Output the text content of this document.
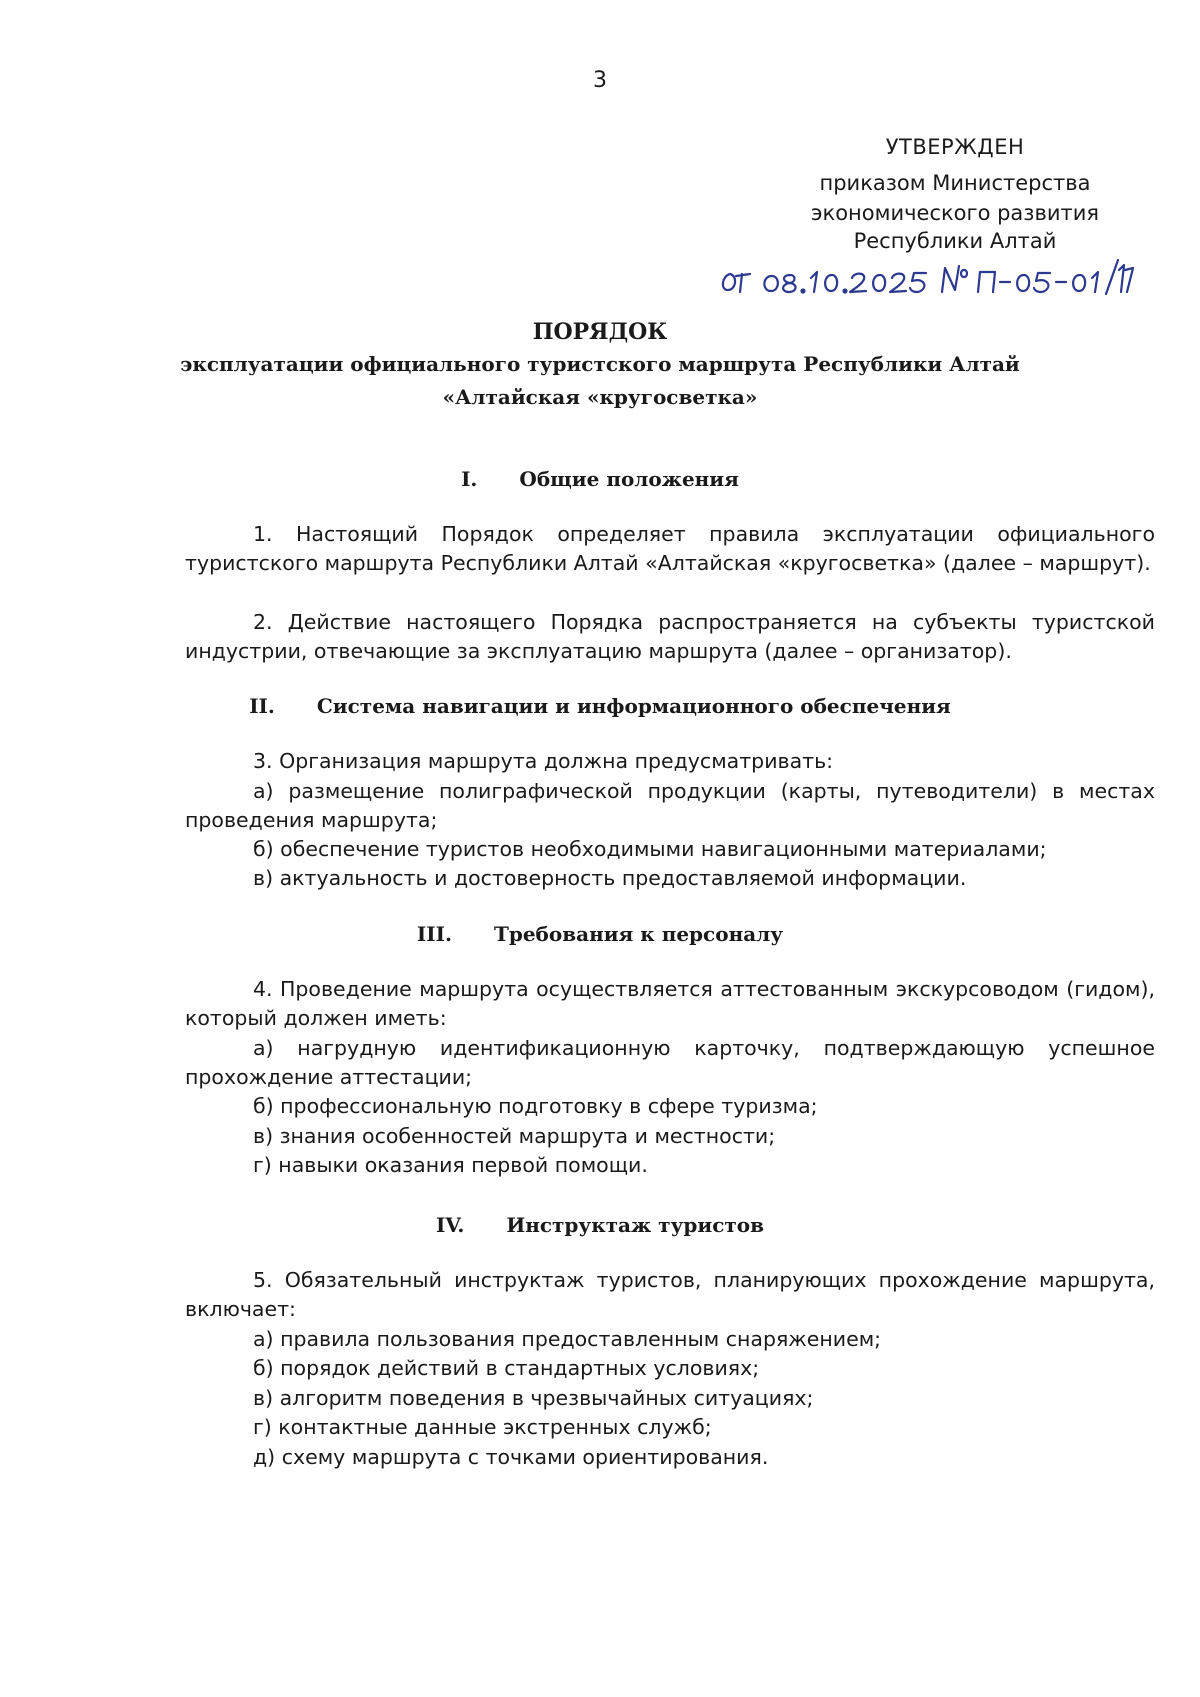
3
УТВЕРЖДЕН
приказом Министерства
экономического развития
Республики Алтай
ПОРЯДОК
эксплуатации официального туристского маршрута Республики Алтай
«Алтайская «кругосветка»
I. Общие положения
1. Настоящий Порядок определяет правила эксплуатации официального туристского маршрута Республики Алтай «Алтайская «кругосветка» (далее – маршрут).
2. Действие настоящего Порядка распространяется на субъекты туристской индустрии, отвечающие за эксплуатацию маршрута (далее – организатор).
II. Система навигации и информационного обеспечения
3. Организация маршрута должна предусматривать:
а) размещение полиграфической продукции (карты, путеводители) в местах проведения маршрута;
б) обеспечение туристов необходимыми навигационными материалами;
в) актуальность и достоверность предоставляемой информации.
III. Требования к персоналу
4. Проведение маршрута осуществляется аттестованным экскурсоводом (гидом), который должен иметь:
а) нагрудную идентификационную карточку, подтверждающую успешное прохождение аттестации;
б) профессиональную подготовку в сфере туризма;
в) знания особенностей маршрута и местности;
г) навыки оказания первой помощи.
IV. Инструктаж туристов
5. Обязательный инструктаж туристов, планирующих прохождение маршрута, включает:
а) правила пользования предоставленным снаряжением;
б) порядок действий в стандартных условиях;
в) алгоритм поведения в чрезвычайных ситуациях;
г) контактные данные экстренных служб;
д) схему маршрута с точками ориентирования.
